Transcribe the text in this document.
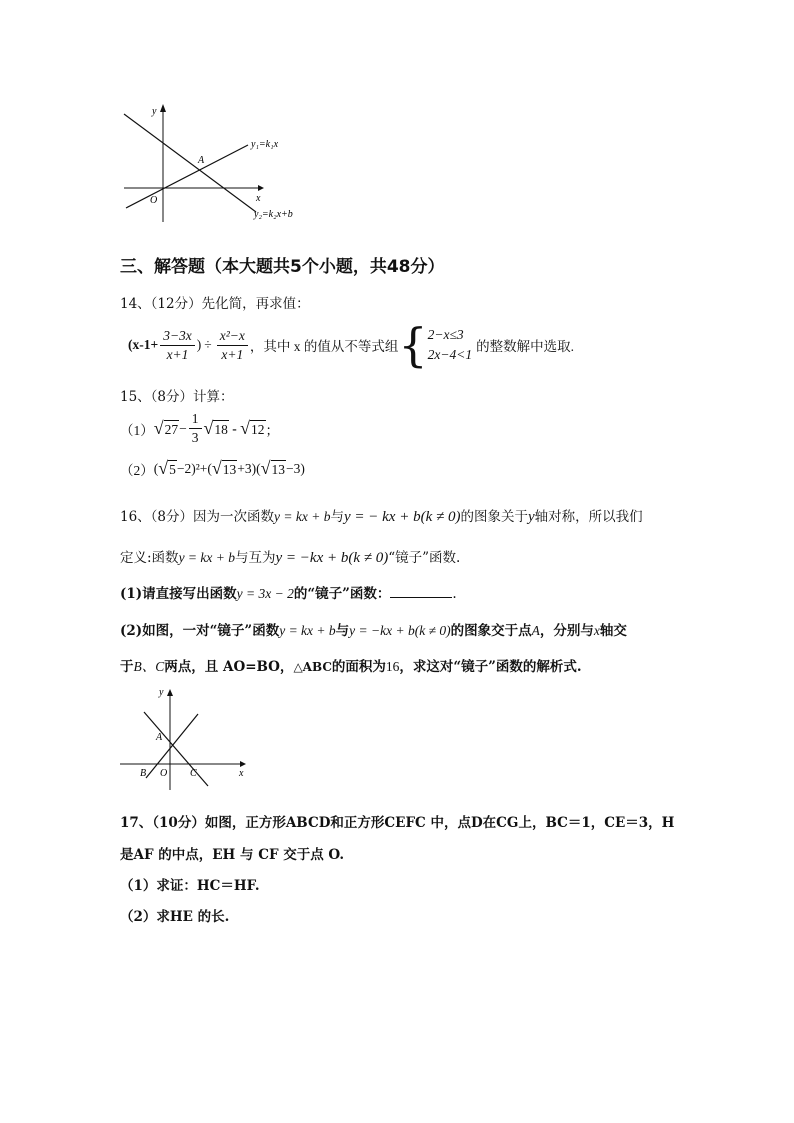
y
x
O
A
y₁=k₁x
y₂=k₂x+b
三、解答题（本大题共5个小题，共48分）
14、（12分）先化简，再求值：
($x-1+ \frac{3-3x}{x+1}$ ) ÷ $\frac{\text{x²−x}}{x+1}$ ，其中 x 的值从不等式组 { 2−x≤3
2x−4<1
的整数解中选取.
15、（8分）计算：
（1） √ $27 - \frac{1}{3}$ √ 18 - √ 12 ；
（2） ( √ 5 −2)²+( √ 13 +3)( √ 13 −3)
16、（8分）因为一次函数y = kx + b与y = − kx + b(k ≠ 0)的图象关于y轴对称，所以我们
定义:函数y = kx + b与互为y = −kx + b(k ≠ 0)“镜子”函数.
(1)请直接写出函数y = 3x − 2的“镜子”函数：	.
(2)如图，一对“镜子”函数y = kx + b与y = −kx + b(k ≠ 0)的图象交于点A，分别与x轴交
于B、C两点，且 AO=BO，△ABC的面积为16，求这对“镜子”函数的解析式.
y
x
A
B O C
17、（10分）如图，正方形ABCD和正方形CEFC 中，点D在CG上，BC＝1，CE＝3，H
是AF 的中点，EH 与 CF 交于点 O.
（1）求证：HC＝HF.
（2）求HE 的长.
